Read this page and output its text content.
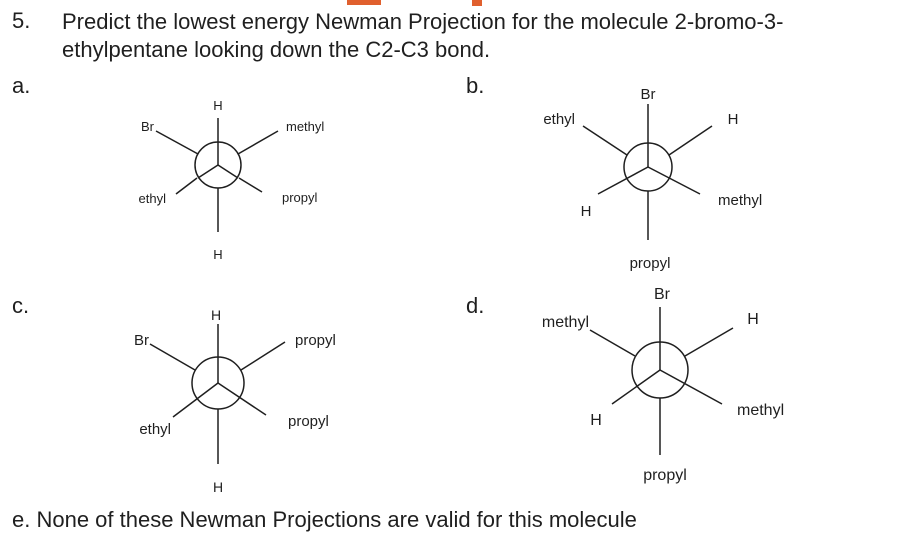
5. Predict the lowest energy Newman Projection for the molecule 2-bromo-3-ethylpentane looking down the C2-C3 bond.
a.	b.
c.	d.
H
ethyl	propyl
Br	methyl
H
Br
methyl
H
ethyl	H
propyl
H
ethyl	propyl
Br	propyl
H
Br
methyl
H
methyl	H
propyl
e. None of these Newman Projections are valid for this molecule
